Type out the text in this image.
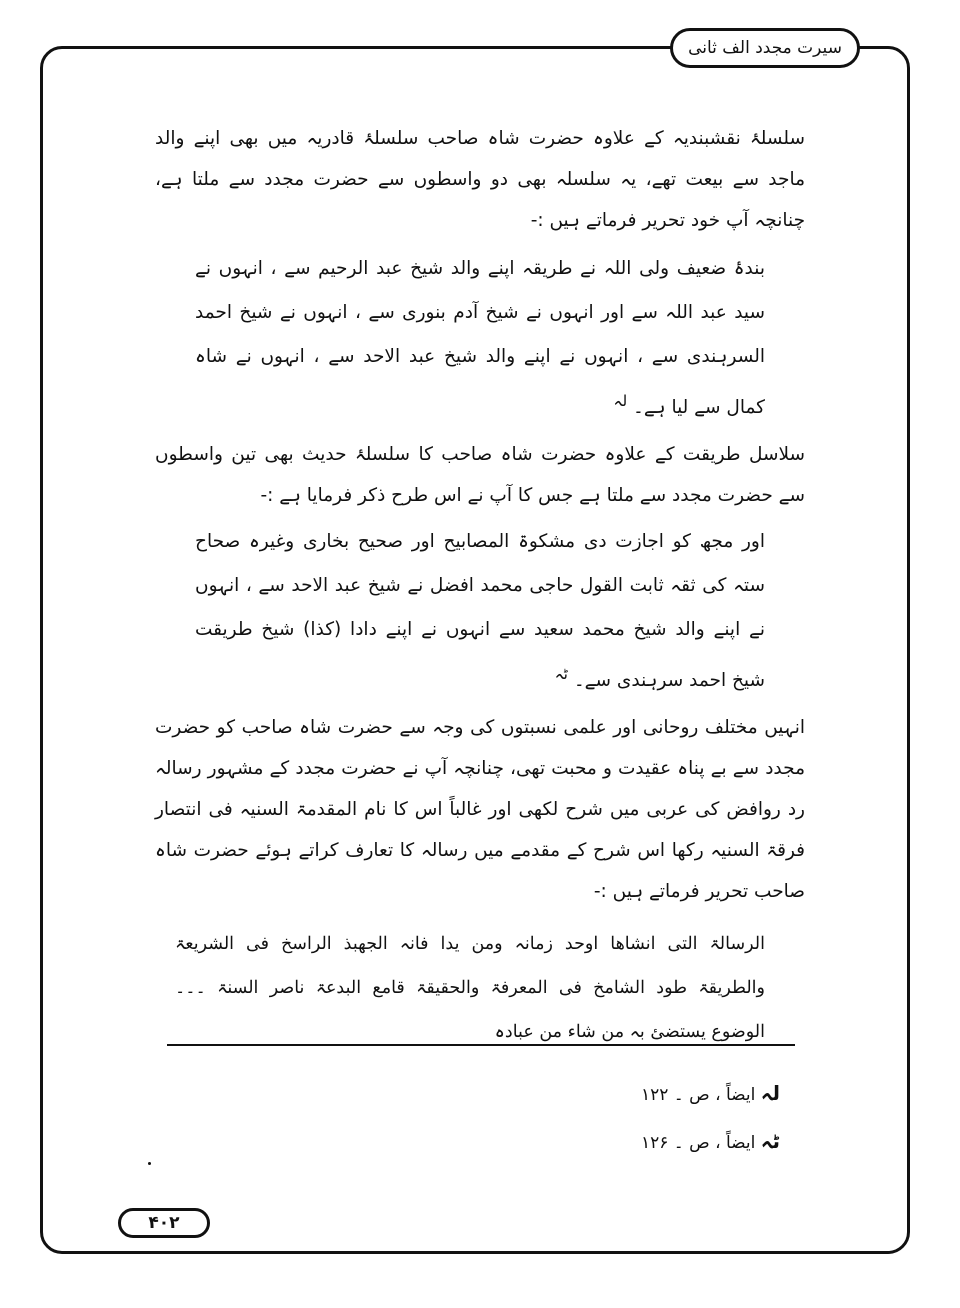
سیرت مجدد الف ثانی

سلسلۂ نقشبندیہ کے علاوہ حضرت شاہ صاحب سلسلۂ قادریہ میں بھی اپنے والد ماجد سے بیعت تھے، یہ سلسلہ بھی دو واسطوں سے حضرت مجدد سے ملتا ہے، چنانچہ آپ خود تحریر فرماتے ہیں :-

بندۂ ضعیف ولی اللہ نے طریقہ اپنے والد شیخ عبد الرحیم سے ، انہوں نے سید عبد اللہ سے اور انہوں نے شیخ آدم بنوری سے ، انہوں نے شیخ احمد السرہندی سے ، انہوں نے اپنے والد شیخ عبد الاحد سے ، انہوں نے شاہ کمال سے لیا ہے۔ $^{لہ}$

سلاسل طریقت کے علاوہ حضرت شاہ صاحب کا سلسلۂ حدیث بھی تین واسطوں سے حضرت مجدد سے ملتا ہے جس کا آپ نے اس طرح ذکر فرمایا ہے :-

اور مجھ کو اجازت دی مشکوۃ المصابیح اور صحیح بخاری وغیرہ صحاح ستہ کی ثقہ ثابت القول حاجی محمد افضل نے شیخ عبد الاحد سے ، انہوں نے اپنے والد شیخ محمد سعید سے انہوں نے اپنے دادا (کذا) شیخ طریقت شیخ احمد سرہندی سے۔ $^{ٹہ}$

انہیں مختلف روحانی اور علمی نسبتوں کی وجہ سے حضرت شاہ صاحب کو حضرت مجدد سے بے پناہ عقیدت و محبت تھی، چنانچہ آپ نے حضرت مجدد کے مشہور رسالہ رد روافض کی عربی میں شرح لکھی اور غالباً اس کا نام المقدمۃ السنیہ فی انتصار فرقۃ السنیہ رکھا اس شرح کے مقدمے میں رسالہ کا تعارف کراتے ہوئے حضرت شاہ صاحب تحریر فرماتے ہیں :-

الرسالۃ التی انشاھا اوحد زمانہ ومن یدا فانہ الجھبذ الراسخ فی الشریعۃ والطریقۃ طود الشامخ فی المعرفۃ والحقیقۃ قامع البدعۃ ناصر السنۃ ۔۔۔ الوضوع یستضئ بہ من شاء من عبادہ

لہ ایضاً ، ص ۔ ۱۲۲
ٹہ ایضاً ، ص ۔ ۱۲۶
۴۰۲
